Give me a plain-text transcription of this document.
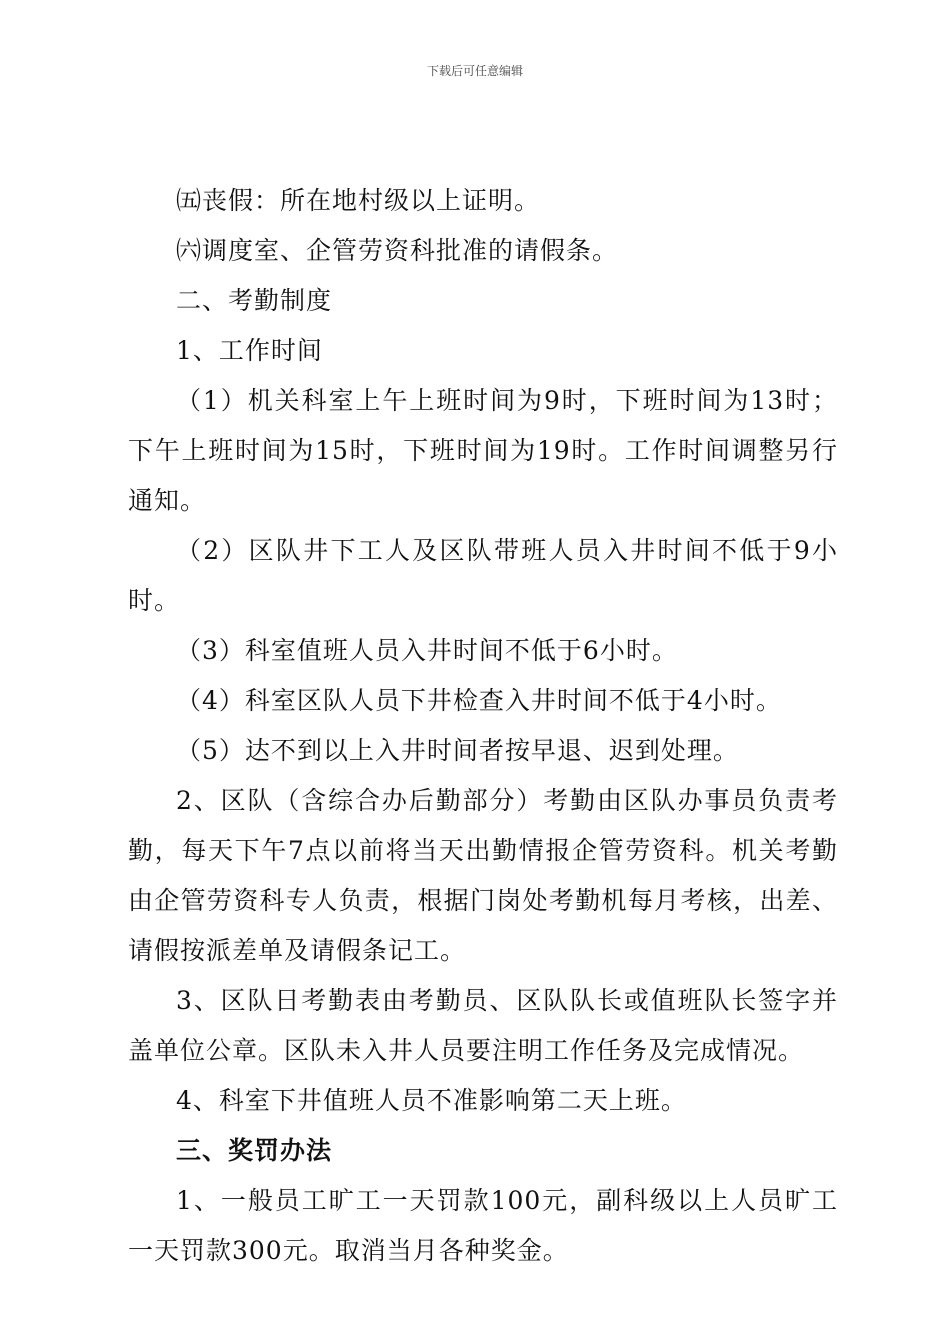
下载后可任意编辑

㈤丧假：所在地村级以上证明。

㈥调度室、企管劳资科批准的请假条。

二、考勤制度

1、工作时间

（1）机关科室上午上班时间为9时，下班时间为13时；下午上班时间为15时，下班时间为19时。工作时间调整另行通知。

（2）区队井下工人及区队带班人员入井时间不低于9小时。

（3）科室值班人员入井时间不低于6小时。

（4）科室区队人员下井检查入井时间不低于4小时。

（5）达不到以上入井时间者按早退、迟到处理。

2、区队（含综合办后勤部分）考勤由区队办事员负责考勤，每天下午7点以前将当天出勤情报企管劳资科。机关考勤由企管劳资科专人负责，根据门岗处考勤机每月考核，出差、请假按派差单及请假条记工。

3、区队日考勤表由考勤员、区队队长或值班队长签字并盖单位公章。区队未入井人员要注明工作任务及完成情况。

4、科室下井值班人员不准影响第二天上班。

三、奖罚办法

1、一般员工旷工一天罚款100元，副科级以上人员旷工一天罚款300元。取消当月各种奖金。
